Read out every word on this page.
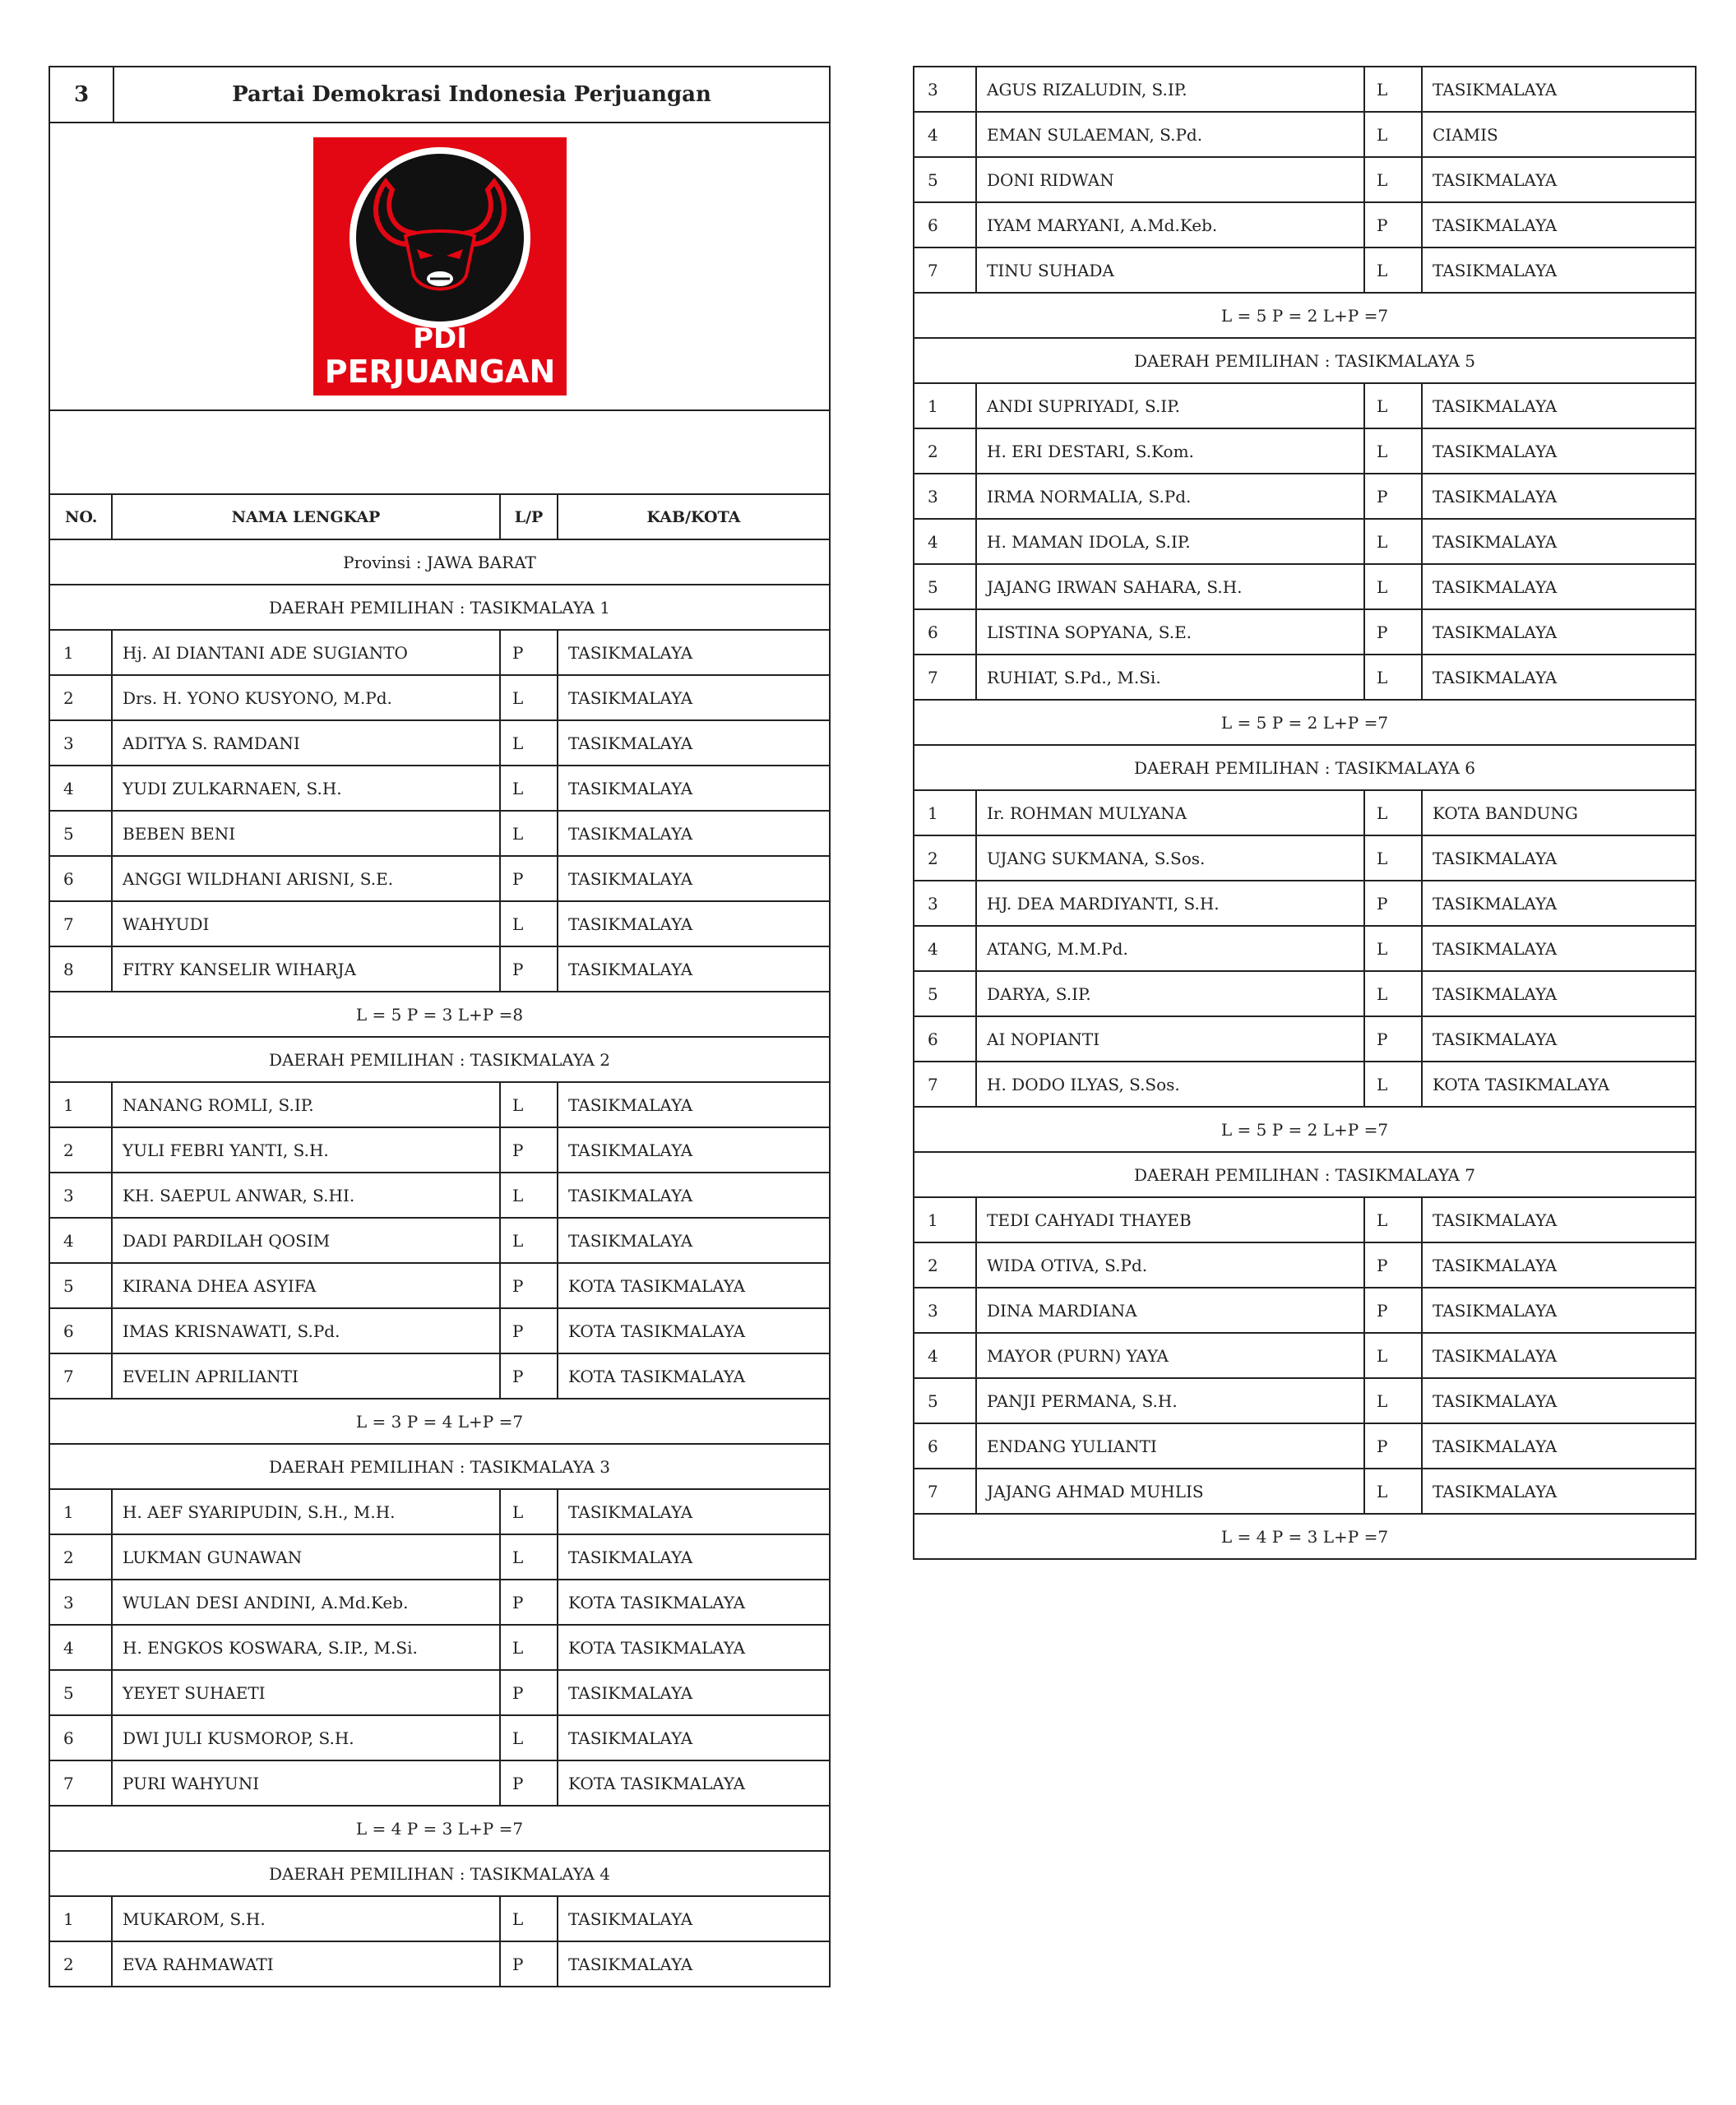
3	Partai Demokrasi Indonesia Perjuangan
PDI
PERJUANGAN
NO.	NAMA LENGKAP	L/P	KAB/KOTA
Provinsi : JAWA BARAT
DAERAH PEMILIHAN : TASIKMALAYA 1
1	Hj. AI DIANTANI ADE SUGIANTO	P	TASIKMALAYA
2	Drs. H. YONO KUSYONO, M.Pd.	L	TASIKMALAYA
3	ADITYA S. RAMDANI	L	TASIKMALAYA
4	YUDI ZULKARNAEN, S.H.	L	TASIKMALAYA
5	BEBEN BENI	L	TASIKMALAYA
6	ANGGI WILDHANI ARISNI, S.E.	P	TASIKMALAYA
7	WAHYUDI	L	TASIKMALAYA
8	FITRY KANSELIR WIHARJA	P	TASIKMALAYA
L = 5 P = 3 L+P =8
DAERAH PEMILIHAN : TASIKMALAYA 2
1	NANANG ROMLI, S.IP.	L	TASIKMALAYA
2	YULI FEBRI YANTI, S.H.	P	TASIKMALAYA
3	KH. SAEPUL ANWAR, S.HI.	L	TASIKMALAYA
4	DADI PARDILAH QOSIM	L	TASIKMALAYA
5	KIRANA DHEA ASYIFA	P	KOTA TASIKMALAYA
6	IMAS KRISNAWATI, S.Pd.	P	KOTA TASIKMALAYA
7	EVELIN APRILIANTI	P	KOTA TASIKMALAYA
L = 3 P = 4 L+P =7
DAERAH PEMILIHAN : TASIKMALAYA 3
1	H. AEF SYARIPUDIN, S.H., M.H.	L	TASIKMALAYA
2	LUKMAN GUNAWAN	L	TASIKMALAYA
3	WULAN DESI ANDINI, A.Md.Keb.	P	KOTA TASIKMALAYA
4	H. ENGKOS KOSWARA, S.IP., M.Si.	L	KOTA TASIKMALAYA
5	YEYET SUHAETI	P	TASIKMALAYA
6	DWI JULI KUSMOROP, S.H.	L	TASIKMALAYA
7	PURI WAHYUNI	P	KOTA TASIKMALAYA
L = 4 P = 3 L+P =7
DAERAH PEMILIHAN : TASIKMALAYA 4
1	MUKAROM, S.H.	L	TASIKMALAYA
2	EVA RAHMAWATI	P	TASIKMALAYA
3	AGUS RIZALUDIN, S.IP.	L	TASIKMALAYA
4	EMAN SULAEMAN, S.Pd.	L	CIAMIS
5	DONI RIDWAN	L	TASIKMALAYA
6	IYAM MARYANI, A.Md.Keb.	P	TASIKMALAYA
7	TINU SUHADA	L	TASIKMALAYA
L = 5 P = 2 L+P =7
DAERAH PEMILIHAN : TASIKMALAYA 5
1	ANDI SUPRIYADI, S.IP.	L	TASIKMALAYA
2	H. ERI DESTARI, S.Kom.	L	TASIKMALAYA
3	IRMA NORMALIA, S.Pd.	P	TASIKMALAYA
4	H. MAMAN IDOLA, S.IP.	L	TASIKMALAYA
5	JAJANG IRWAN SAHARA, S.H.	L	TASIKMALAYA
6	LISTINA SOPYANA, S.E.	P	TASIKMALAYA
7	RUHIAT, S.Pd., M.Si.	L	TASIKMALAYA
L = 5 P = 2 L+P =7
DAERAH PEMILIHAN : TASIKMALAYA 6
1	Ir. ROHMAN MULYANA	L	KOTA BANDUNG
2	UJANG SUKMANA, S.Sos.	L	TASIKMALAYA
3	HJ. DEA MARDIYANTI, S.H.	P	TASIKMALAYA
4	ATANG, M.M.Pd.	L	TASIKMALAYA
5	DARYA, S.IP.	L	TASIKMALAYA
6	AI NOPIANTI	P	TASIKMALAYA
7	H. DODO ILYAS, S.Sos.	L	KOTA TASIKMALAYA
L = 5 P = 2 L+P =7
DAERAH PEMILIHAN : TASIKMALAYA 7
1	TEDI CAHYADI THAYEB	L	TASIKMALAYA
2	WIDA OTIVA, S.Pd.	P	TASIKMALAYA
3	DINA MARDIANA	P	TASIKMALAYA
4	MAYOR (PURN) YAYA	L	TASIKMALAYA
5	PANJI PERMANA, S.H.	L	TASIKMALAYA
6	ENDANG YULIANTI	P	TASIKMALAYA
7	JAJANG AHMAD MUHLIS	L	TASIKMALAYA
L = 4 P = 3 L+P =7
